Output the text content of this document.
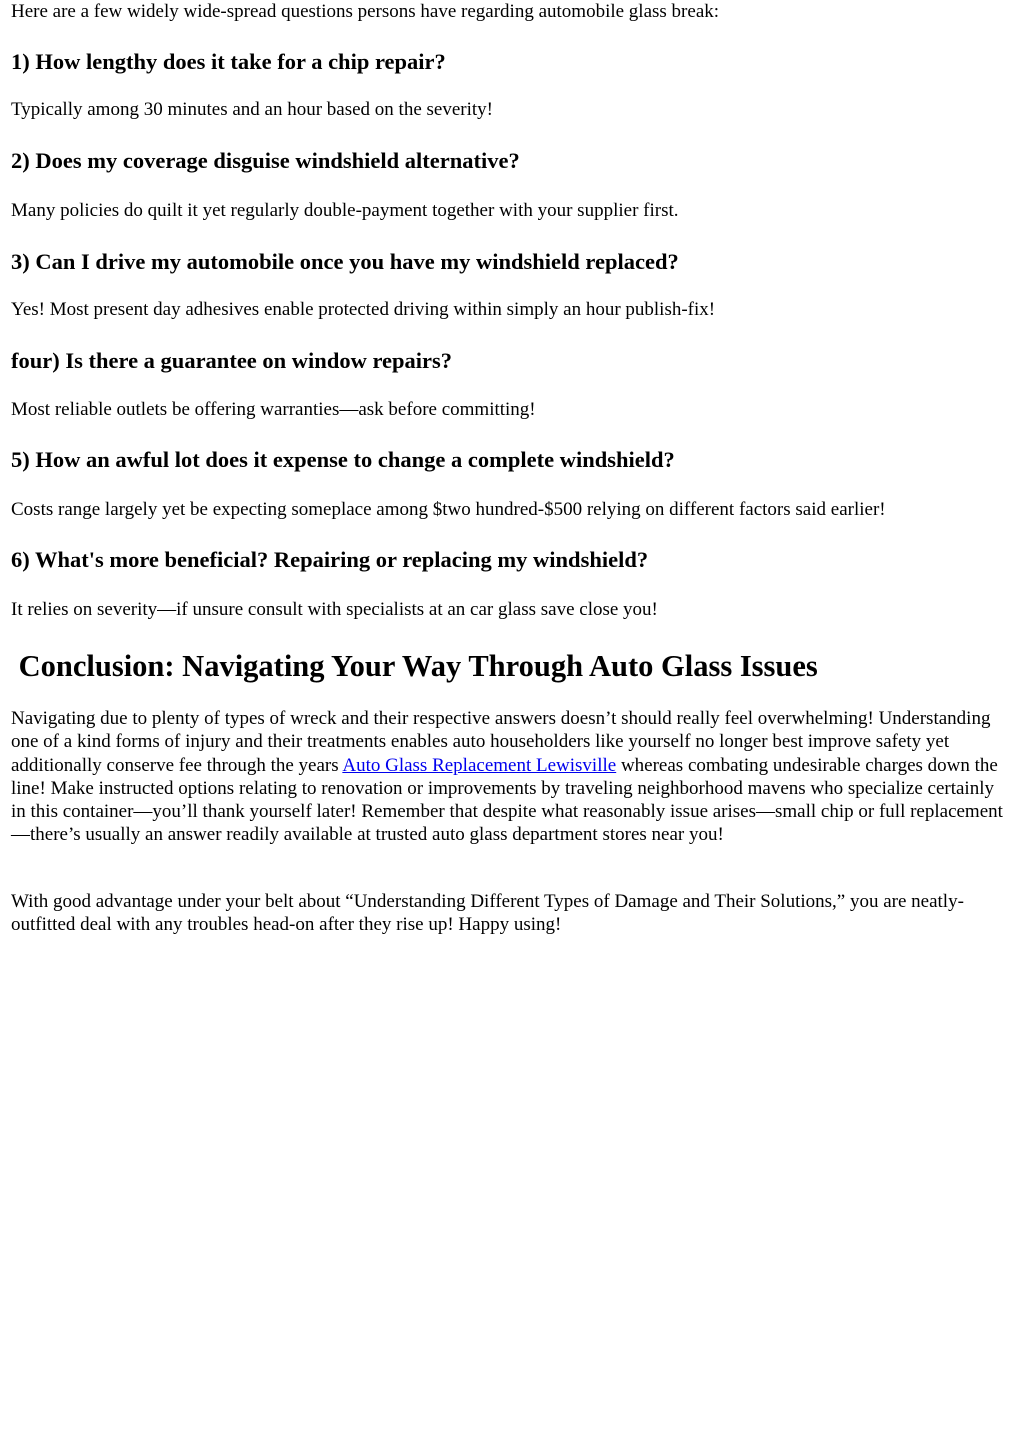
Here are a few widely wide-spread questions persons have regarding automobile glass break:

1) How lengthy does it take for a chip repair?

Typically among 30 minutes and an hour based on the severity!

2) Does my coverage disguise windshield alternative?

Many policies do quilt it yet regularly double-payment together with your supplier first.

3) Can I drive my automobile once you have my windshield replaced?

Yes! Most present day adhesives enable protected driving within simply an hour publish-fix!

four) Is there a guarantee on window repairs?

Most reliable outlets be offering warranties—ask before committing!

5) How an awful lot does it expense to change a complete windshield?

Costs range largely yet be expecting someplace among $two hundred-$500 relying on different factors said earlier!

6) What's more beneficial? Repairing or replacing my windshield?

It relies on severity—if unsure consult with specialists at an car glass save close you!

Conclusion: Navigating Your Way Through Auto Glass Issues

Navigating due to plenty of types of wreck and their respective answers doesn’t should really feel overwhelming! Understanding one of a kind forms of injury and their treatments enables auto householders like yourself no longer best improve safety yet additionally conserve fee through the years Auto Glass Replacement Lewisville whereas combating undesirable charges down the line! Make instructed options relating to renovation or improvements by traveling neighborhood mavens who specialize certainly in this container—you’ll thank yourself later! Remember that despite what reasonably issue arises—small chip or full replacement—there’s usually an answer readily available at trusted auto glass department stores near you!

With good advantage under your belt about “Understanding Different Types of Damage and Their Solutions,” you are neatly-outfitted deal with any troubles head-on after they rise up! Happy using!
